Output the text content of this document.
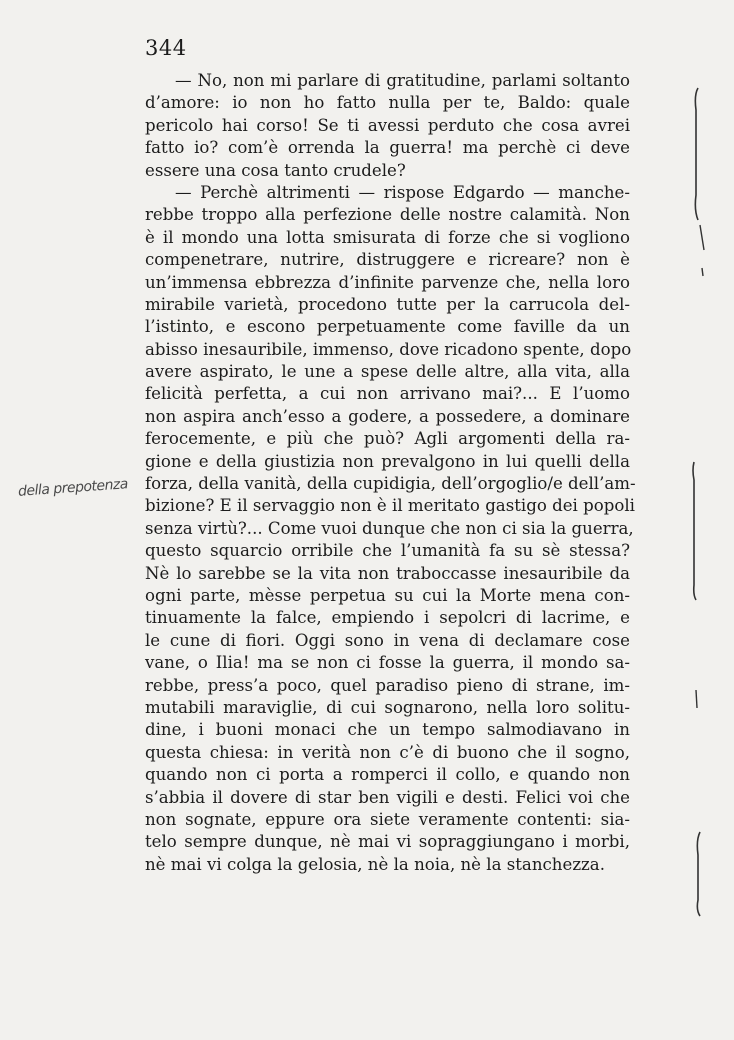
344
— No, non mi parlare di gratitudine, parlami soltanto
d’amore: io non ho fatto nulla per te, Baldo: quale
pericolo hai corso! Se ti avessi perduto che cosa avrei
fatto io? com’è orrenda la guerra! ma perchè ci deve
essere una cosa tanto crudele?
— Perchè altrimenti — rispose Edgardo — manche-
rebbe troppo alla perfezione delle nostre calamità. Non
è il mondo una lotta smisurata di forze che si vogliono
compenetrare, nutrire, distruggere e ricreare? non è
un’immensa ebbrezza d’infinite parvenze che, nella loro
mirabile varietà, procedono tutte per la carrucola del-
l’istinto, e escono perpetuamente come faville da un
abisso inesauribile, immenso, dove ricadono spente, dopo
avere aspirato, le une a spese delle altre, alla vita, alla
felicità perfetta, a cui non arrivano mai?... E l’uomo
non aspira anch’esso a godere, a possedere, a dominare
ferocemente, e più che può? Agli argomenti della ra-
gione e della giustizia non prevalgono in lui quelli della
forza, della vanità, della cupidigia, dell’orgoglio/e dell’am-
bizione? E il servaggio non è il meritato gastigo dei popoli
senza virtù?... Come vuoi dunque che non ci sia la guerra,
questo squarcio orribile che l’umanità fa su sè stessa?
Nè lo sarebbe se la vita non traboccasse inesauribile da
ogni parte, mèsse perpetua su cui la Morte mena con-
tinuamente la falce, empiendo i sepolcri di lacrime, e
le cune di fiori. Oggi sono in vena di declamare cose
vane, o Ilia! ma se non ci fosse la guerra, il mondo sa-
rebbe, press’a poco, quel paradiso pieno di strane, im-
mutabili maraviglie, di cui sognarono, nella loro solitu-
dine, i buoni monaci che un tempo salmodiavano in
questa chiesa: in verità non c’è di buono che il sogno,
quando non ci porta a romperci il collo, e quando non
s’abbia il dovere di star ben vigili e desti. Felici voi che
non sognate, eppure ora siete veramente contenti: sia-
telo sempre dunque, nè mai vi sopraggiungano i morbi,
nè mai vi colga la gelosia, nè la noia, nè la stanchezza.
della prepotenza
